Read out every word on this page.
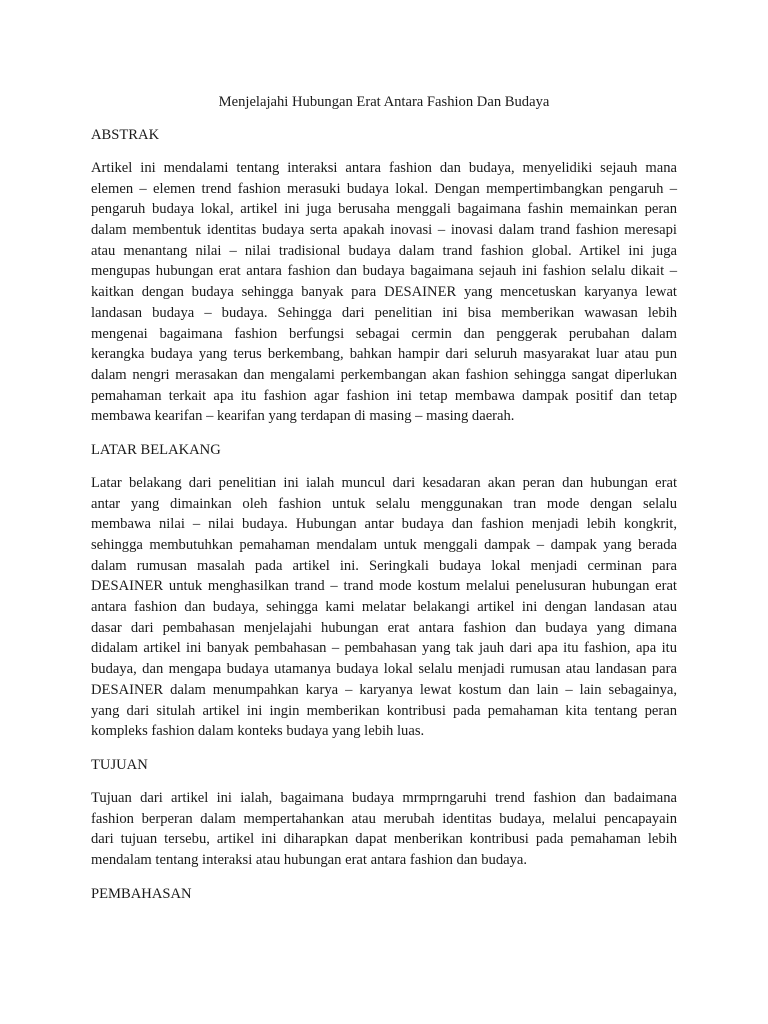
Menjelajahi Hubungan Erat Antara Fashion Dan Budaya
ABSTRAK
Artikel ini mendalami tentang interaksi antara fashion dan budaya, menyelidiki sejauh mana
elemen – elemen trend fashion merasuki budaya lokal. Dengan mempertimbangkan pengaruh –
pengaruh budaya lokal, artikel ini juga berusaha menggali bagaimana fashin memainkan peran
dalam membentuk identitas budaya serta apakah inovasi – inovasi dalam trand fashion meresapi
atau menantang nilai – nilai tradisional budaya dalam trand fashion global. Artikel ini juga
mengupas hubungan erat antara fashion dan budaya bagaimana sejauh ini fashion selalu dikait –
kaitkan dengan budaya sehingga banyak para DESAINER yang mencetuskan karyanya lewat
landasan budaya – budaya. Sehingga dari penelitian ini bisa memberikan wawasan lebih
mengenai bagaimana fashion berfungsi sebagai cermin dan penggerak perubahan dalam
kerangka budaya yang terus berkembang, bahkan hampir dari seluruh masyarakat luar atau pun
dalam nengri merasakan dan mengalami perkembangan akan fashion sehingga sangat diperlukan
pemahaman terkait apa itu fashion agar fashion ini tetap membawa dampak positif dan tetap
membawa kearifan – kearifan yang terdapan di masing – masing daerah.
LATAR BELAKANG
Latar belakang dari penelitian ini ialah muncul dari kesadaran akan peran dan hubungan erat
antar yang dimainkan oleh fashion untuk selalu menggunakan tran mode dengan selalu
membawa nilai – nilai budaya. Hubungan antar budaya dan fashion menjadi lebih kongkrit,
sehingga membutuhkan pemahaman mendalam untuk menggali dampak – dampak yang berada
dalam rumusan masalah pada artikel ini. Seringkali budaya lokal menjadi cerminan para
DESAINER untuk menghasilkan trand – trand mode kostum melalui penelusuran hubungan erat
antara fashion dan budaya, sehingga kami melatar belakangi artikel ini dengan landasan atau
dasar dari pembahasan menjelajahi hubungan erat antara fashion dan budaya yang dimana
didalam artikel ini banyak pembahasan – pembahasan yang tak jauh dari apa itu fashion, apa itu
budaya, dan mengapa budaya utamanya budaya lokal selalu menjadi rumusan atau landasan para
DESAINER dalam menumpahkan karya – karyanya lewat kostum dan lain – lain sebagainya,
yang dari situlah artikel ini ingin memberikan kontribusi pada pemahaman kita tentang peran
kompleks fashion dalam konteks budaya yang lebih luas.
TUJUAN
Tujuan dari artikel ini ialah, bagaimana budaya mrmprngaruhi trend fashion dan badaimana
fashion berperan dalam mempertahankan atau merubah identitas budaya, melalui pencapayain
dari tujuan tersebu, artikel ini diharapkan dapat menberikan kontribusi pada pemahaman lebih
mendalam tentang interaksi atau hubungan erat antara fashion dan budaya.
PEMBAHASAN
